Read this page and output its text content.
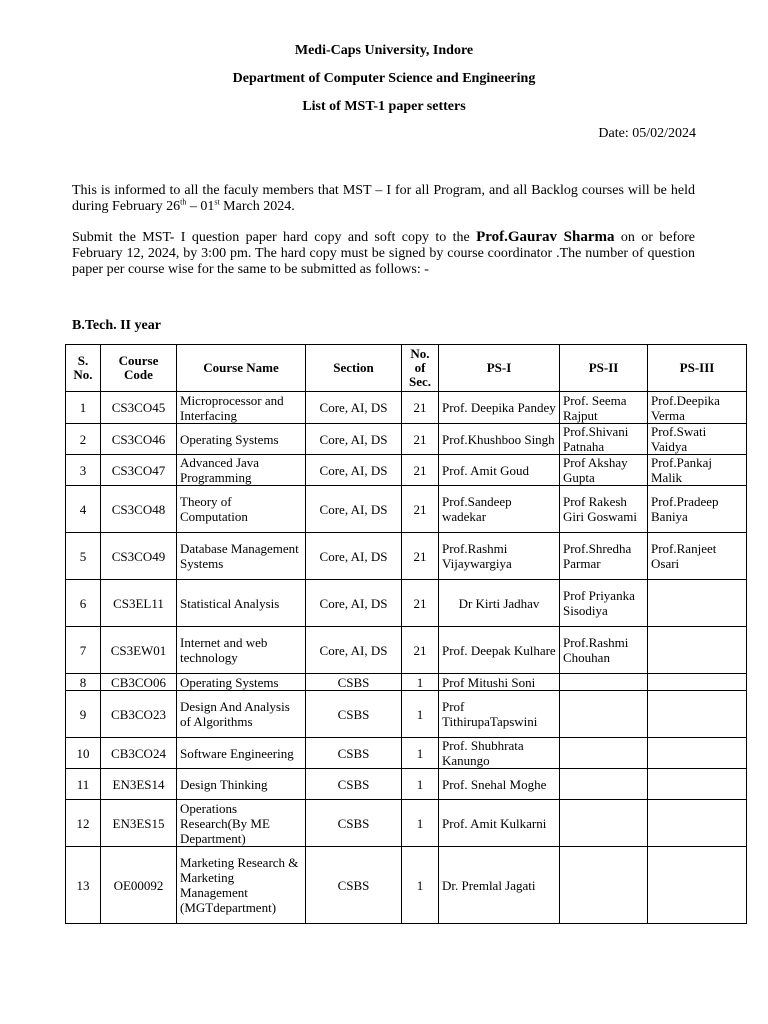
Medi-Caps University, Indore
Department of Computer Science and Engineering
List of MST-1 paper setters
Date: 05/02/2024
This is informed to all the faculy members that MST – I for all Program, and all Backlog courses will be held during February 26th – 01st March 2024.
Submit the MST- I question paper hard copy and soft copy to the Prof.Gaurav Sharma on or before February 12, 2024, by 3:00 pm. The hard copy must be signed by course coordinator .The number of question paper per course wise for the same to be submitted as follows: -
B.Tech. II year
S. No.	Course Code	Course Name	Section	No. of Sec.	PS-I	PS-II	PS-III
1	CS3CO45	Microprocessor and Interfacing	Core, AI, DS	21	Prof. Deepika Pandey	Prof. Seema Rajput	Prof.Deepika Verma
2	CS3CO46	Operating Systems	Core, AI, DS	21	Prof.Khushboo Singh	Prof.Shivani Patnaha	Prof.Swati Vaidya
3	CS3CO47	Advanced Java Programming	Core, AI, DS	21	Prof. Amit Goud	Prof Akshay Gupta	Prof.Pankaj Malik
4	CS3CO48	Theory of Computation	Core, AI, DS	21	Prof.Sandeep wadekar	Prof Rakesh Giri Goswami	Prof.Pradeep Baniya
5	CS3CO49	Database Management Systems	Core, AI, DS	21	Prof.Rashmi Vijaywargiya	Prof.Shredha Parmar	Prof.Ranjeet Osari
6	CS3EL11	Statistical Analysis	Core, AI, DS	21	Dr Kirti Jadhav	Prof Priyanka Sisodiya	
7	CS3EW01	Internet and web technology	Core, AI, DS	21	Prof. Deepak Kulhare	Prof.Rashmi Chouhan	
8	CB3CO06	Operating Systems	CSBS	1	Prof Mitushi Soni		
9	CB3CO23	Design And Analysis of Algorithms	CSBS	1	Prof TithirupaTapswini		
10	CB3CO24	Software Engineering	CSBS	1	Prof. Shubhrata Kanungo		
11	EN3ES14	Design Thinking	CSBS	1	Prof. Snehal Moghe		
12	EN3ES15	Operations Research(By ME Department)	CSBS	1	Prof. Amit Kulkarni		
13	OE00092	Marketing Research & Marketing Management (MGTdepartment)	CSBS	1	Dr. Premlal Jagati		
